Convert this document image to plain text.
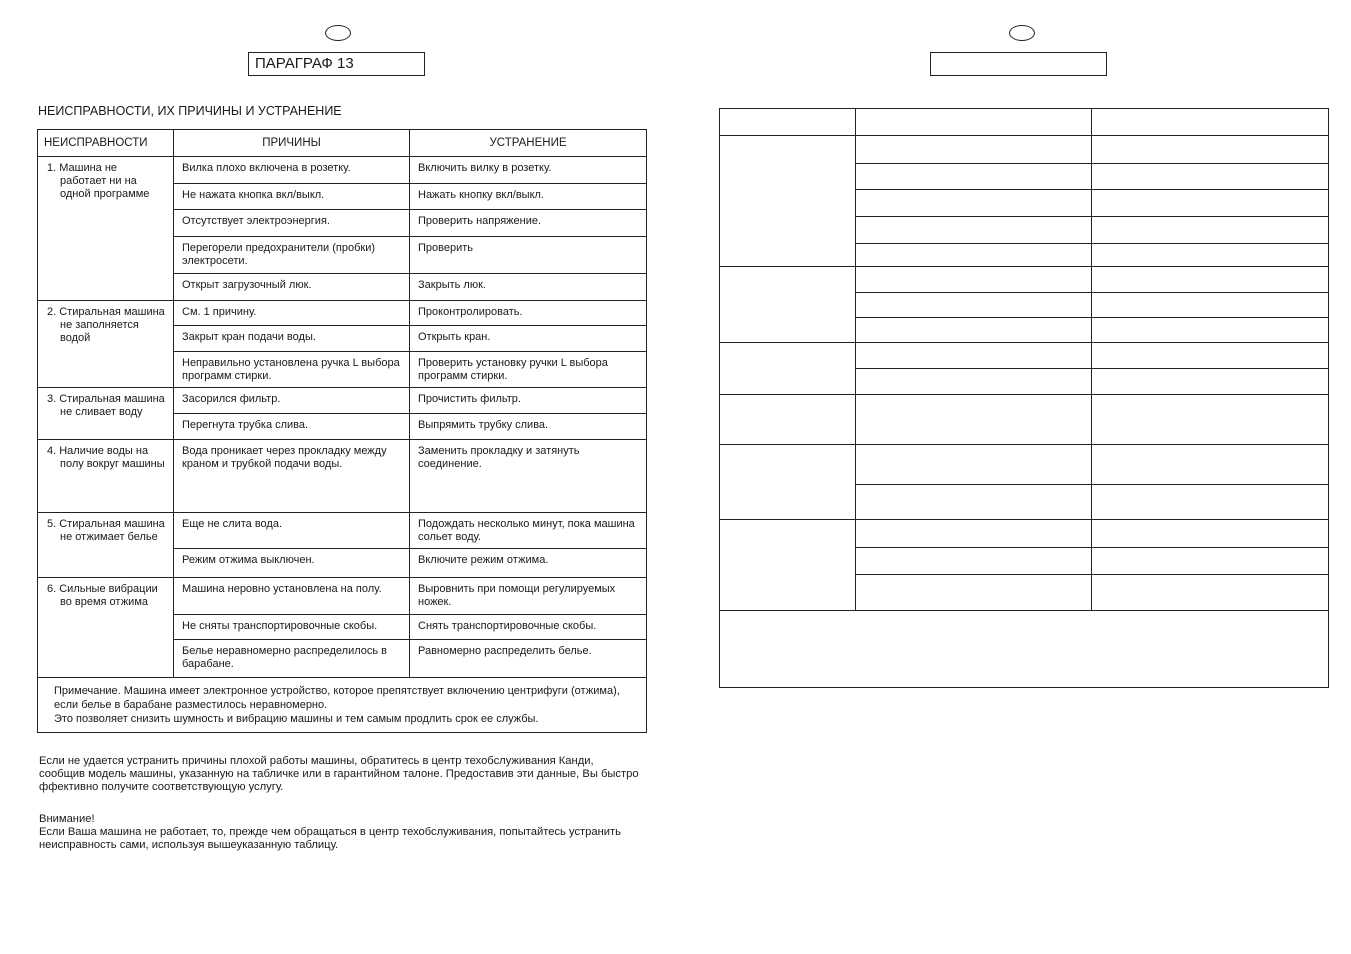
ПАРАГРАФ 13
НЕИСПРАВНОСТИ, ИХ ПРИЧИНЫ И УСТРАНЕНИЕ
НЕИСПРАВНОСТИ	ПРИЧИНЫ	УСТРАНЕНИЕ

1. Машина не работает ни на одной программе	Вилка плохо включена в розетку.	Включить вилку в розетку.
	Не нажата кнопка вкл/выкл.	Нажать кнопку вкл/выкл.
	Отсутствует электроэнергия.	Проверить напряжение.
	Перегорели предохранители (пробки) электросети.	Проверить
	Открыт загрузочный люк.	Закрыть люк.

2. Стиральная машина не заполняется водой	См. 1 причину.	Проконтролировать.
	Закрыт кран подачи воды.	Открыть кран.
	Неправильно установлена ручка L выбора программ стирки.	Проверить установку ручки L выбора программ стирки.

3. Стиральная машина не сливает воду	Засорился фильтр.	Прочистить фильтр.
	Перегнута трубка слива.	Выпрямить трубку слива.

4. Наличие воды на полу вокруг машины	Вода проникает через прокладку между краном и трубкой подачи воды.	Заменить прокладку и затянуть соединение.

5. Стиральная машина не отжимает белье	Еще не слита вода.	Подождать несколько минут, пока машина сольет воду.
	Режим отжима выключен.	Включите режим отжима.

6. Сильные вибрации во время отжима	Машина неровно установлена на полу.	Выровнить при помощи регулируемых ножек.
	Не сняты транспортировочные скобы.	Снять транспортировочные скобы.
	Белье неравномерно распределилось в барабане.	Равномерно распределить белье.

Примечание. Машина имеет электронное устройство, которое препятствует включению центрифуги (отжима), если белье в барабане разместилось неравномерно.
Это позволяет снизить шумность и вибрацию машины и тем самым продлить срок ее службы.		

Если не удается устранить причины плохой работы машины, обратитесь в центр техобслуживания Канди, сообщив модель машины, указанную на табличке или в гарантийном талоне. Предоставив эти данные, Вы быстро ффективно получите соответствующую услугу.

Внимание!

Если Ваша машина не работает, то, прежде чем обращаться в центр техобслуживания, попытайтесь устранить неисправность сами, используя вышеуказанную таблицу.
